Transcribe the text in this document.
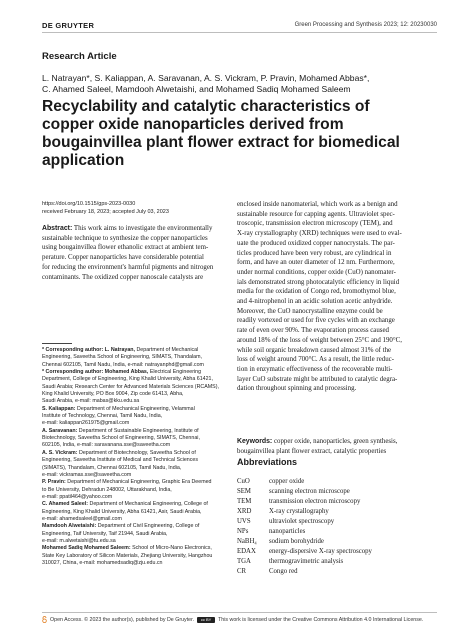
DE GRUYTER	Green Processing and Synthesis 2023; 12: 20230030
Research Article
L. Natrayan*, S. Kaliappan, A. Saravanan, A. S. Vickram, P. Pravin, Mohamed Abbas*,
C. Ahamed Saleel, Mamdooh Alwetaishi, and Mohamed Sadiq Mohamed Saleem
Recyclability and catalytic characteristics of
copper oxide nanoparticles derived from
bougainvillea plant flower extract for biomedical
application
https://doi.org/10.1515/gps-2023-0030
received February 18, 2023; accepted July 03, 2023
Abstract: This work aims to investigate the environmentally
sustainable technique to synthesize the copper nanoparticles
using bougainvillea flower ethanolic extract at ambient tem-
perature. Copper nanoparticles have considerable potential
for reducing the environment's harmful pigments and nitrogen
contaminants. The oxidized copper nanoscale catalysts are
enclosed inside nanomaterial, which work as a benign and
sustainable resource for capping agents. Ultraviolet spec-
troscopic, transmission electron microscopy (TEM), and
X-ray crystallography (XRD) techniques were used to eval-
uate the produced oxidized copper nanocrystals. The par-
ticles produced have been very robust, are cylindrical in
form, and have an outer diameter of 12 nm. Furthermore,
under normal conditions, copper oxide (CuO) nanomater-
ials demonstrated strong photocatalytic efficiency in liquid
media for the oxidation of Congo red, bromothymol blue,
and 4-nitrophenol in an acidic solution acetic anhydride.
Moreover, the CuO nanocrystalline enzyme could be
readily vortexed or used for five cycles with an exchange
rate of even over 90%. The evaporation process caused
around 18% of the loss of weight between 25°C and 190°C,
while soil organic breakdown caused almost 31% of the
loss of weight around 700°C. As a result, the little reduc-
tion in enzymatic effectiveness of the recoverable multi-
layer CuO substrate might be attributed to catalytic degra-
dation throughout spinning and processing.
Keywords: copper oxide, nanoparticles, green synthesis,
bougainvillea plant flower extract, catalytic properties
* Corresponding author: L. Natrayan, Department of Mechanical
Engineering, Saveetha School of Engineering, SIMATS, Thandalam,
Chennai 602105, Tamil Nadu, India, e-mail: natrayanphd@gmail.com
* Corresponding author: Mohamed Abbas, Electrical Engineering
Department, College of Engineering, King Khalid University, Abha 61421,
Saudi Arabia; Research Center for Advanced Materials Sciences (RCAMS),
King Khalid University, PO Box 9004, Zip code 61413, Abha,
Saudi Arabia, e-mail: mabas@kku.edu.sa
S. Kaliappan: Department of Mechanical Engineering, Velammal
Institute of Technology, Chennai, Tamil Nadu, India,
e-mail: kaliappan261975@gmail.com
A. Saravanan: Department of Sustainable Engineering, Institute of
Biotechnology, Saveetha School of Engineering, SIMATS, Chennai,
602105, India, e-mail: saravanana.sse@saveetha.com
A. S. Vickram: Department of Biotechnology, Saveetha School of
Engineering, Saveetha Institute of Medical and Technical Sciences
(SIMATS), Thandalam, Chennai 602105, Tamil Nadu, India,
e-mail: vickramas.sse@saveetha.com
P. Pravin: Department of Mechanical Engineering, Graphic Era Deemed
to Be University, Dehradun 248002, Uttarakhand, India,
e-mail: ppatil464@yahoo.com
C. Ahamed Saleel: Department of Mechanical Engineering, College of
Engineering, King Khalid University, Abha 61421, Asir, Saudi Arabia,
e-mail: ahamedsaleel@gmail.com
Mamdooh Alwetaishi: Department of Civil Engineering, College of
Engineering, Taif University, Taif 21944, Saudi Arabia,
e-mail: m.alwetaishi@tu.edu.sa
Mohamed Sadiq Mohamed Saleem: School of Micro-Nano Electronics,
State Key Laboratory of Silicon Materials, Zhejiang University, Hangzhou
310027, China, e-mail: mohamedsadiq@zju.edu.cn
Abbreviations
CuO	copper oxide
SEM	scanning electron microscope
TEM	transmission electron microscopy
XRD	X-ray crystallography
UVS	ultraviolet spectroscopy
NPs	nanoparticles
NaBH₄	sodium borohydride
EDAX	energy-dispersive X-ray spectroscopy
TGA	thermogravimetric analysis
CR	Congo red
Open Access. © 2023 the author(s), published by De Gruyter.	cc BY	This work is licensed under the Creative Commons Attribution 4.0 International License.
